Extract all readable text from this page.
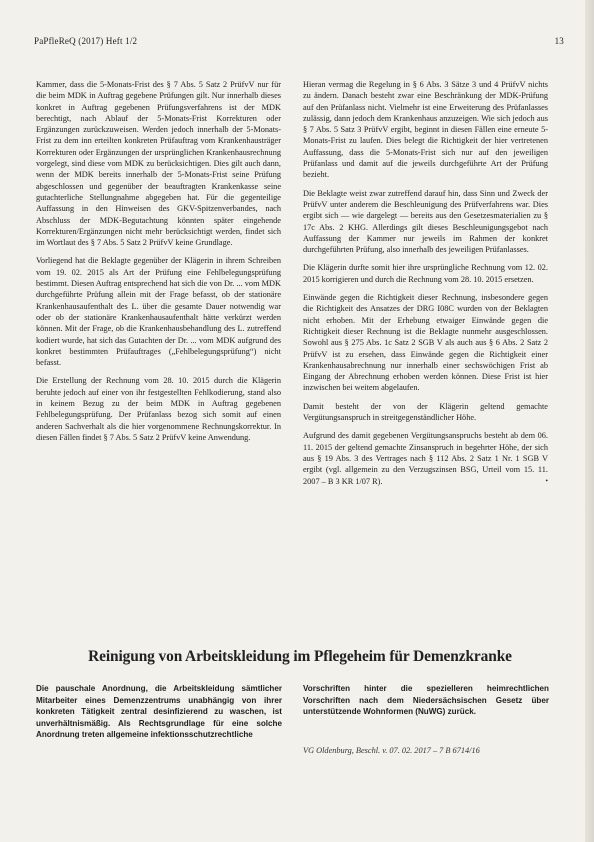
PaPfleReQ (2017) Heft 1/2	13

Kammer, dass die 5-Monats-Frist des § 7 Abs. 5 Satz 2 PrüfvV nur für die beim MDK in Auftrag gegebene Prüfungen gilt. Nur innerhalb dieses konkret in Auftrag gegebenen Prüfungsverfahrens ist der MDK berechtigt, nach Ablauf der 5-Monats-Frist Korrekturen oder Ergänzungen zurückzuweisen. Werden jedoch innerhalb der 5-Monats-Frist zu dem inn erteilten konkreten Prüfauftrag vom Krankenhausträger Korrekturen oder Ergänzungen der ursprünglichen Krankenhausrechnung vorgelegt, sind diese vom MDK zu berücksichtigen. Dies gilt auch dann, wenn der MDK bereits innerhalb der 5-Monats-Frist seine Prüfung abgeschlossen und gegenüber der beauftragten Krankenkasse seine gutachterliche Stellungnahme abgegeben hat. Für die gegenteilige Auffassung in den Hinweisen des GKV-Spitzenverbandes, nach Abschluss der MDK-Begutachtung könnten später eingehende Korrekturen/Ergänzungen nicht mehr berücksichtigt werden, findet sich im Wortlaut des § 7 Abs. 5 Satz 2 PrüfvV keine Grundlage.

Vorliegend hat die Beklagte gegenüber der Klägerin in ihrem Schreiben vom 19. 02. 2015 als Art der Prüfung eine Fehlbelegungsprüfung bestimmt. Diesen Auftrag entsprechend hat sich die von Dr. ... vom MDK durchgeführte Prüfung allein mit der Frage befasst, ob der stationäre Krankenhausaufenthalt des L. über die gesamte Dauer notwendig war oder ob der stationäre Krankenhausaufenthalt hätte verkürzt werden können. Mit der Frage, ob die Krankenhausbehandlung des L. zutreffend kodiert wurde, hat sich das Gutachten der Dr. ... vom MDK aufgrund des konkret bestimmten Prüfauftrages („Fehlbelegungsprüfung“) nicht befasst.

Die Erstellung der Rechnung vom 28. 10. 2015 durch die Klägerin beruhte jedoch auf einer von ihr festgestellten Fehlkodierung, stand also in keinem Bezug zu der beim MDK in Auftrag gegebenen Fehlbelegungsprüfung. Der Prüfanlass bezog sich somit auf einen anderen Sachverhalt als die hier vorgenommene Rechnungskorrektur. In diesen Fällen findet § 7 Abs. 5 Satz 2 PrüfvV keine Anwendung.

Hieran vermag die Regelung in § 6 Abs. 3 Sätze 3 und 4 PrüfvV nichts zu ändern. Danach besteht zwar eine Beschränkung der MDK-Prüfung auf den Prüfanlass nicht. Vielmehr ist eine Erweiterung des Prüfanlasses zulässig, dann jedoch dem Krankenhaus anzuzeigen. Wie sich jedoch aus § 7 Abs. 5 Satz 3 PrüfvV ergibt, beginnt in diesen Fällen eine erneute 5-Monats-Frist zu laufen. Dies belegt die Richtigkeit der hier vertretenen Auffassung, dass die 5-Monats-Frist sich nur auf den jeweiligen Prüfanlass und damit auf die jeweils durchgeführte Art der Prüfung bezieht.

Die Beklagte weist zwar zutreffend darauf hin, dass Sinn und Zweck der PrüfvV unter anderem die Beschleunigung des Prüfverfahrens war. Dies ergibt sich — wie dargelegt — bereits aus den Gesetzesmaterialien zu § 17c Abs. 2 KHG. Allerdings gilt dieses Beschleunigungsgebot nach Auffassung der Kammer nur jeweils im Rahmen der konkret durchgeführten Prüfung, also innerhalb des jeweiligen Prüfanlasses.

Die Klägerin durfte somit hier ihre ursprüngliche Rechnung vom 12. 02. 2015 korrigieren und durch die Rechnung vom 28. 10. 2015 ersetzen.

Einwände gegen die Richtigkeit dieser Rechnung, insbesondere gegen die Richtigkeit des Ansatzes der DRG I08C wurden von der Beklagten nicht erhoben. Mit der Erhebung etwaiger Einwände gegen die Richtigkeit dieser Rechnung ist die Beklagte nunmehr ausgeschlossen. Sowohl aus § 275 Abs. 1c Satz 2 SGB V als auch aus § 6 Abs. 2 Satz 2 PrüfvV ist zu ersehen, dass Einwände gegen die Richtigkeit einer Krankenhausabrechnung nur innerhalb einer sechswöchigen Frist ab Eingang der Abrechnung erhoben werden können. Diese Frist ist hier inzwischen bei weitem abgelaufen.

Damit besteht der von der Klägerin geltend gemachte Vergütungsanspruch in streitgegenständlicher Höhe.

Aufgrund des damit gegebenen Vergütungsanspruchs besteht ab dem 06. 11. 2015 der geltend gemachte Zinsanspruch in begehrter Höhe, der sich aus § 19 Abs. 3 des Vertrages nach § 112 Abs. 2 Satz 1 Nr. 1 SGB V ergibt (vgl. allgemein zu den Verzugszinsen BSG, Urteil vom 15. 11. 2007 – B 3 KR 1/07 R).	•

Reinigung von Arbeitskleidung im Pflegeheim für Demenzkranke
Die pauschale Anordnung, die Arbeitskleidung sämtlicher Mitarbeiter eines Demenzzentrums unabhängig von ihrer konkreten Tätigkeit zentral desinfizierend zu waschen, ist unverhältnismäßig. Als Rechtsgrundlage für eine solche Anordnung treten allgemeine infektionsschutzrechtliche
Vorschriften hinter die spezielleren heimrechtlichen Vorschriften nach dem Niedersächsischen Gesetz über unterstützende Wohnformen (NuWG) zurück.
VG Oldenburg, Beschl. v. 07. 02. 2017 – 7 B 6714/16
